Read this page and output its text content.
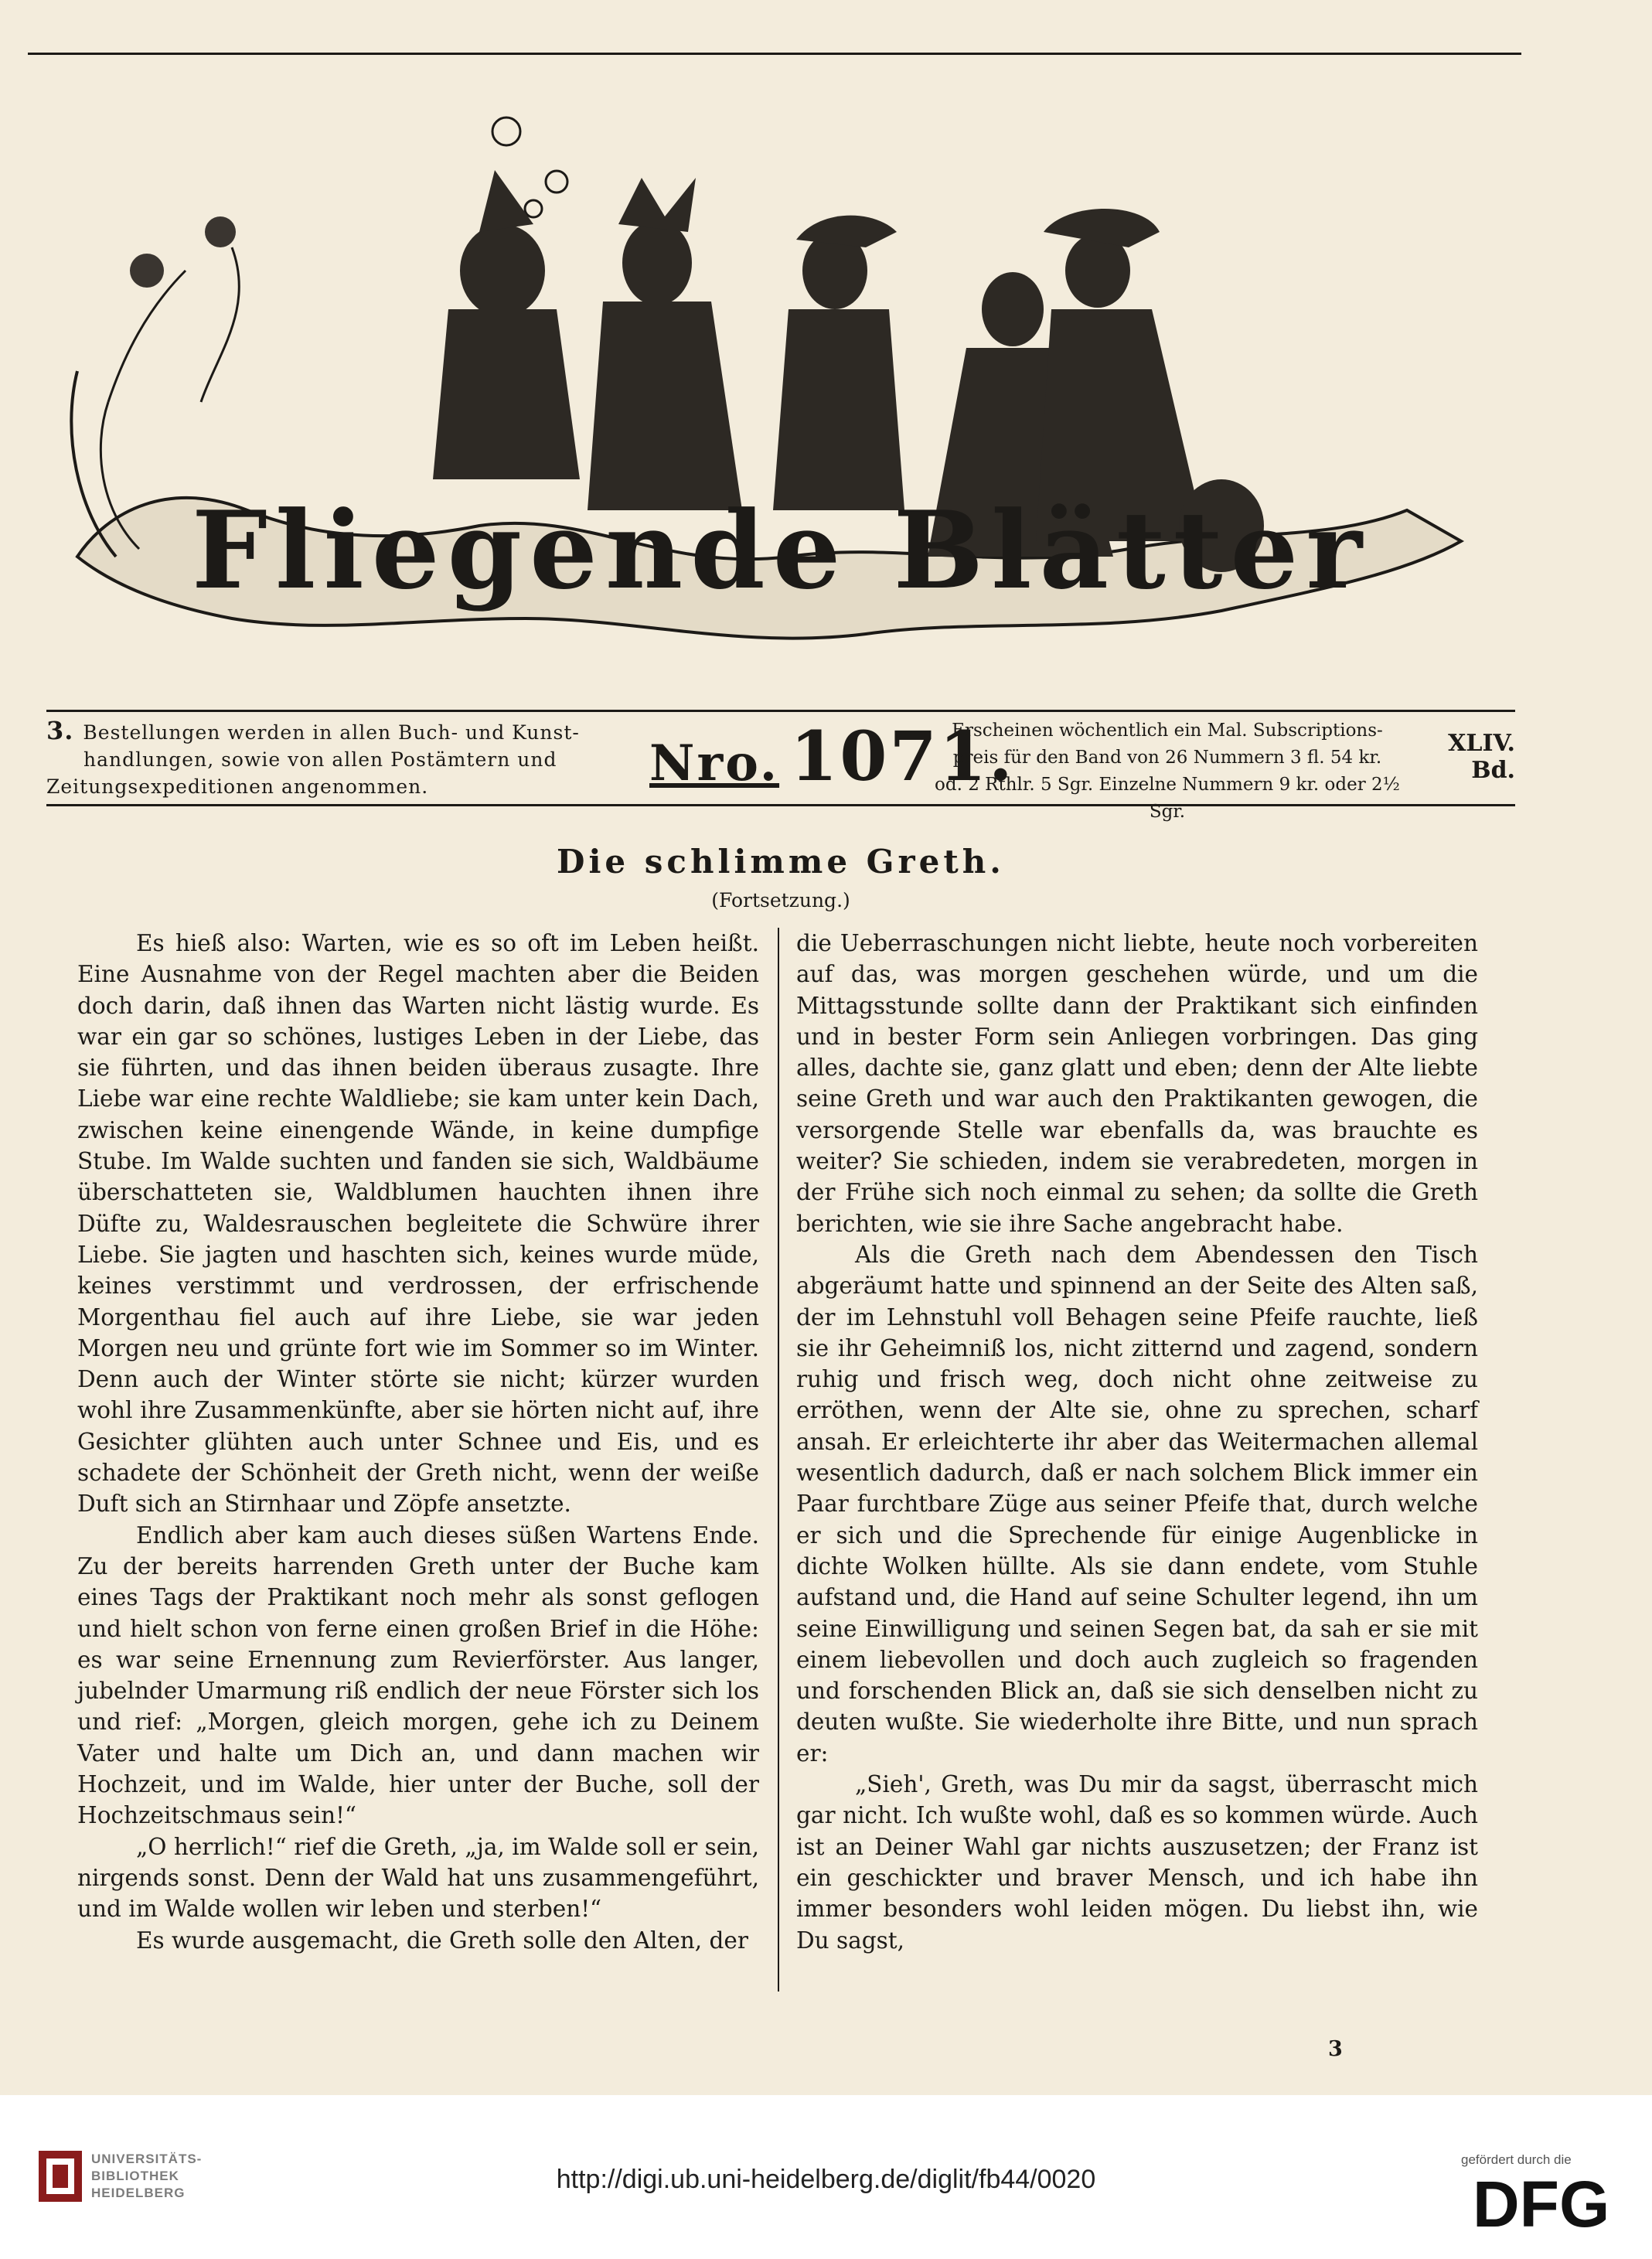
Fliegende Blätter
3. Bestellungen werden in allen Buch- und Kunst-
handlungen, sowie von allen Postämtern und
Zeitungsexpeditionen angenommen.	Nro. 1071.
Erscheinen wöchentlich ein Mal. Subscriptions-
preis für den Band von 26 Nummern 3 fl. 54 kr.
od. 2 Rthlr. 5 Sgr. Einzelne Nummern 9 kr. oder 2½ Sgr.
XLIV. Bd.
Die schlimme Greth.
(Fortsetzung.)

Es hieß also: Warten, wie es so oft im Leben heißt. Eine Ausnahme von der Regel machten aber die Beiden doch darin, daß ihnen das Warten nicht lästig wurde. Es war ein gar so schönes, lustiges Leben in der Liebe, das sie führten, und das ihnen beiden überaus zusagte. Ihre Liebe war eine rechte Waldliebe; sie kam unter kein Dach, zwischen keine einengende Wände, in keine dumpfige Stube. Im Walde suchten und fanden sie sich, Waldbäume überschatteten sie, Waldblumen hauchten ihnen ihre Düfte zu, Waldesrauschen begleitete die Schwüre ihrer Liebe. Sie jagten und haschten sich, keines wurde müde, keines verstimmt und verdrossen, der erfrischende Morgenthau fiel auch auf ihre Liebe, sie war jeden Morgen neu und grünte fort wie im Sommer so im Winter. Denn auch der Winter störte sie nicht; kürzer wurden wohl ihre Zusammenkünfte, aber sie hörten nicht auf, ihre Gesichter glühten auch unter Schnee und Eis, und es schadete der Schönheit der Greth nicht, wenn der weiße Duft sich an Stirnhaar und Zöpfe ansetzte.

Endlich aber kam auch dieses süßen Wartens Ende. Zu der bereits harrenden Greth unter der Buche kam eines Tags der Praktikant noch mehr als sonst geflogen und hielt schon von ferne einen großen Brief in die Höhe: es war seine Ernennung zum Revierförster. Aus langer, jubelnder Umarmung riß endlich der neue Förster sich los und rief: „Morgen, gleich morgen, gehe ich zu Deinem Vater und halte um Dich an, und dann machen wir Hochzeit, und im Walde, hier unter der Buche, soll der Hochzeitschmaus sein!“

„O herrlich!“ rief die Greth, „ja, im Walde soll er sein, nirgends sonst. Denn der Wald hat uns zusammengeführt, und im Walde wollen wir leben und sterben!“

Es wurde ausgemacht, die Greth solle den Alten, der

die Ueberraschungen nicht liebte, heute noch vorbereiten auf das, was morgen geschehen würde, und um die Mittagsstunde sollte dann der Praktikant sich einfinden und in bester Form sein Anliegen vorbringen. Das ging alles, dachte sie, ganz glatt und eben; denn der Alte liebte seine Greth und war auch den Praktikanten gewogen, die versorgende Stelle war ebenfalls da, was brauchte es weiter? Sie schieden, indem sie verabredeten, morgen in der Frühe sich noch einmal zu sehen; da sollte die Greth berichten, wie sie ihre Sache angebracht habe.

Als die Greth nach dem Abendessen den Tisch abgeräumt hatte und spinnend an der Seite des Alten saß, der im Lehnstuhl voll Behagen seine Pfeife rauchte, ließ sie ihr Geheimniß los, nicht zitternd und zagend, sondern ruhig und frisch weg, doch nicht ohne zeitweise zu erröthen, wenn der Alte sie, ohne zu sprechen, scharf ansah. Er erleichterte ihr aber das Weitermachen allemal wesentlich dadurch, daß er nach solchem Blick immer ein Paar furchtbare Züge aus seiner Pfeife that, durch welche er sich und die Sprechende für einige Augenblicke in dichte Wolken hüllte. Als sie dann endete, vom Stuhle aufstand und, die Hand auf seine Schulter legend, ihn um seine Einwilligung und seinen Segen bat, da sah er sie mit einem liebevollen und doch auch zugleich so fragenden und forschenden Blick an, daß sie sich denselben nicht zu deuten wußte. Sie wiederholte ihre Bitte, und nun sprach er:

„Sieh', Greth, was Du mir da sagst, überrascht mich gar nicht. Ich wußte wohl, daß es so kommen würde. Auch ist an Deiner Wahl gar nichts auszusetzen; der Franz ist ein geschickter und braver Mensch, und ich habe ihn immer besonders wohl leiden mögen. Du liebst ihn, wie Du sagst,

3
UNIVERSITÄTS-
BIBLIOTHEK
HEIDELBERG	http://digi.ub.uni-heidelberg.de/diglit/fb44/0020
gefördert durch die
DFG
